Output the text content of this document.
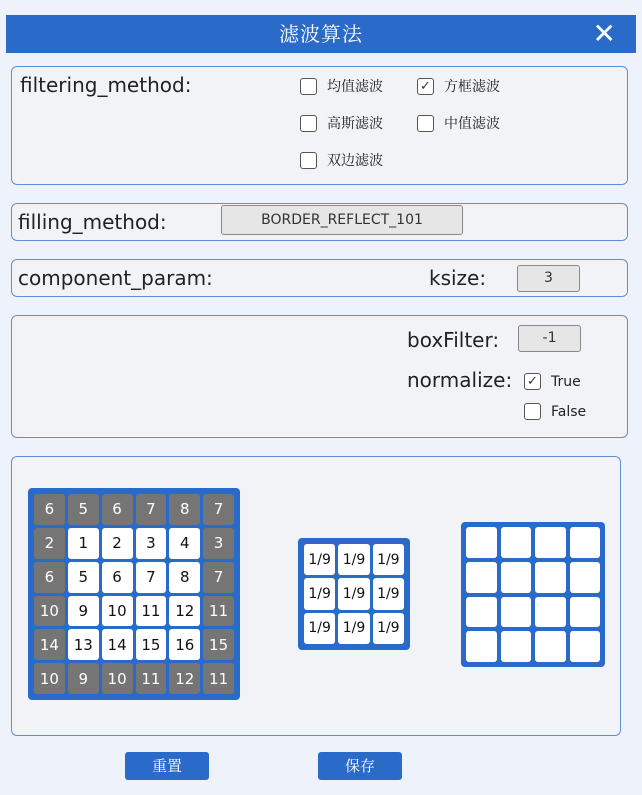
滤波算法	✕
filtering_method:	均值滤波	✓ 方框滤波
高斯滤波	中值滤波
双边滤波
filling_method:	BORDER_REFLECT_101
component_param:	ksize:	3
boxFilter:	-1
normalize: ✓ True
False
6	5	6	7	8	7
2	1	2	3	4	3
6	5	6	7	8	7
10	9	10 11 12 11
14 13 14 15 16 15
10	9	10 11 12 11
1/9 1/9 1/9
1/9 1/9 1/9
1/9 1/9 1/9
重置	保存
